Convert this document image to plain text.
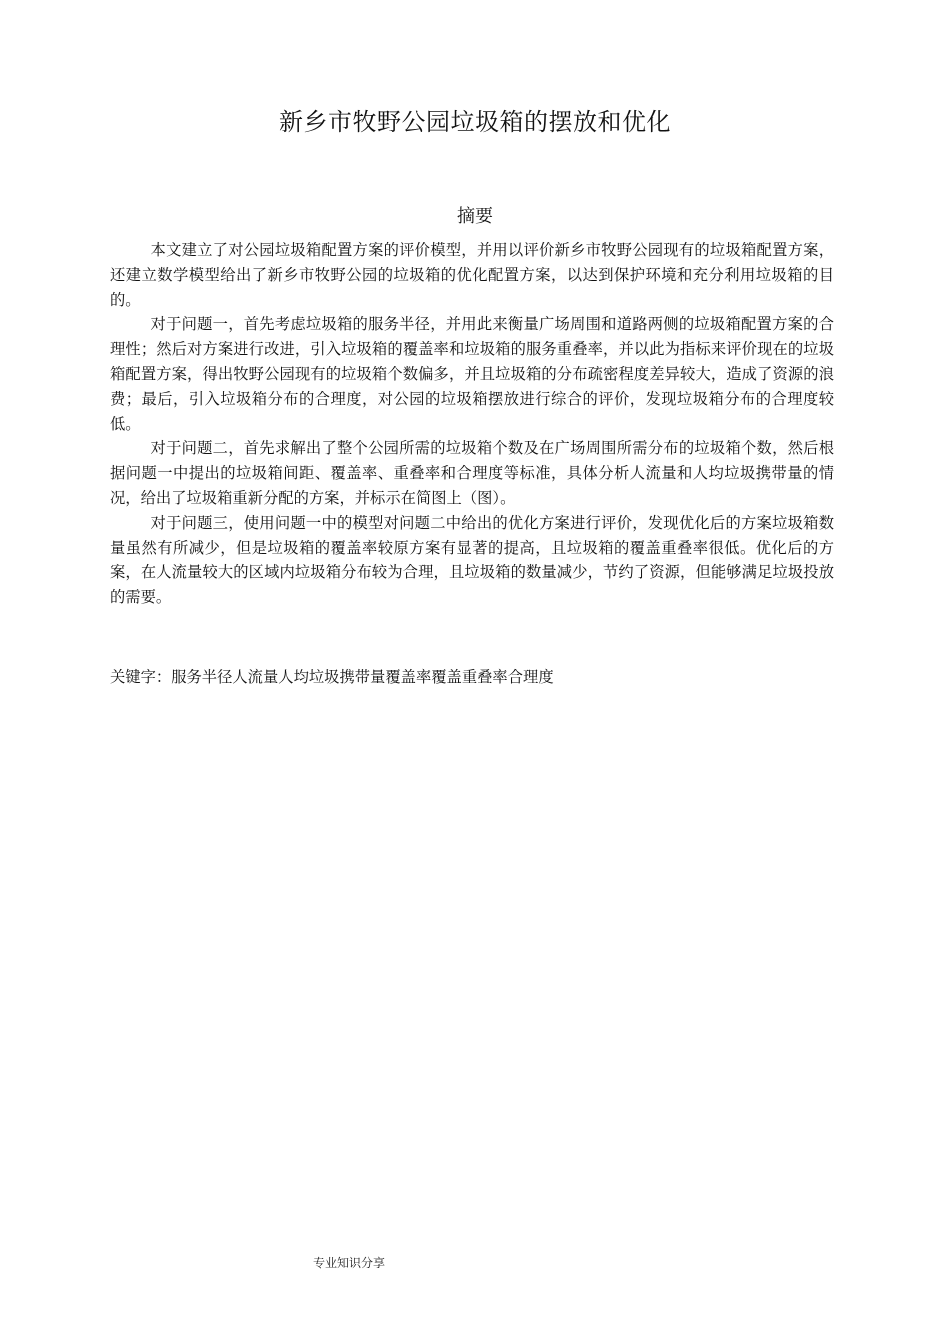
新乡市牧野公园垃圾箱的摆放和优化
摘要

本文建立了对公园垃圾箱配置方案的评价模型，并用以评价新乡市牧野公园现有的垃圾箱配置方案，还建立数学模型给出了新乡市牧野公园的垃圾箱的优化配置方案，以达到保护环境和充分利用垃圾箱的目的。

对于问题一，首先考虑垃圾箱的服务半径，并用此来衡量广场周围和道路两侧的垃圾箱配置方案的合理性；然后对方案进行改进，引入垃圾箱的覆盖率和垃圾箱的服务重叠率，并以此为指标来评价现在的垃圾箱配置方案，得出牧野公园现有的垃圾箱个数偏多，并且垃圾箱的分布疏密程度差异较大，造成了资源的浪费；最后，引入垃圾箱分布的合理度，对公园的垃圾箱摆放进行综合的评价，发现垃圾箱分布的合理度较低。

对于问题二，首先求解出了整个公园所需的垃圾箱个数及在广场周围所需分布的垃圾箱个数，然后根据问题一中提出的垃圾箱间距、覆盖率、重叠率和合理度等标准，具体分析人流量和人均垃圾携带量的情况，给出了垃圾箱重新分配的方案，并标示在简图上（图）。

对于问题三，使用问题一中的模型对问题二中给出的优化方案进行评价，发现优化后的方案垃圾箱数量虽然有所减少，但是垃圾箱的覆盖率较原方案有显著的提高，且垃圾箱的覆盖重叠率很低。优化后的方案，在人流量较大的区域内垃圾箱分布较为合理，且垃圾箱的数量减少，节约了资源，但能够满足垃圾投放的需要。

关键字：服务半径人流量人均垃圾携带量覆盖率覆盖重叠率合理度
专业知识分享
